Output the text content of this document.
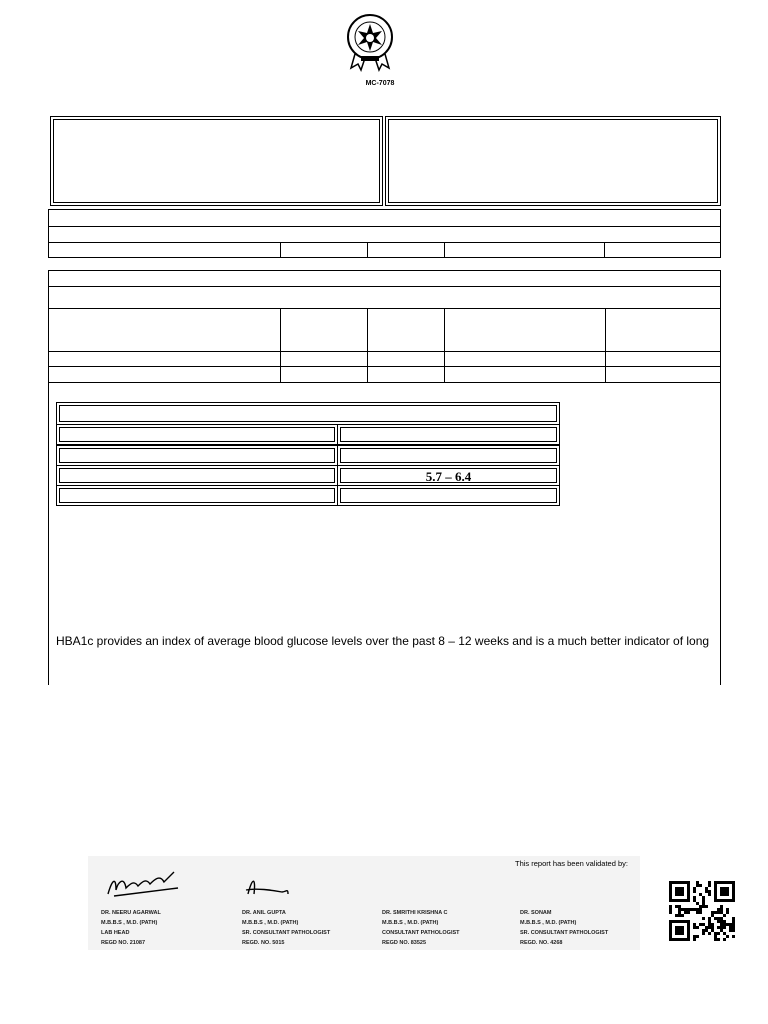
MC-7078
5.7 – 6.4
HBA1c provides an index of average blood glucose levels over the past 8 – 12 weeks and is a much better indicator of long
This report has been validated by:
DR. NEERU AGARWAL
M.B.B.S , M.D. (PATH)
LAB HEAD
REGD NO. 21087
DR. ANIL GUPTA
M.B.B.S , M.D. (PATH)
SR. CONSULTANT PATHOLOGIST
REGD. NO. 5015
DR. SMRITHI KRISHNA C
M.B.B.S , M.D. (PATH)
CONSULTANT PATHOLOGIST
REGD NO. 83525
DR. SONAM
M.B.B.S , M.D. (PATH)
SR. CONSULTANT PATHOLOGIST
REGD. NO. 4268
